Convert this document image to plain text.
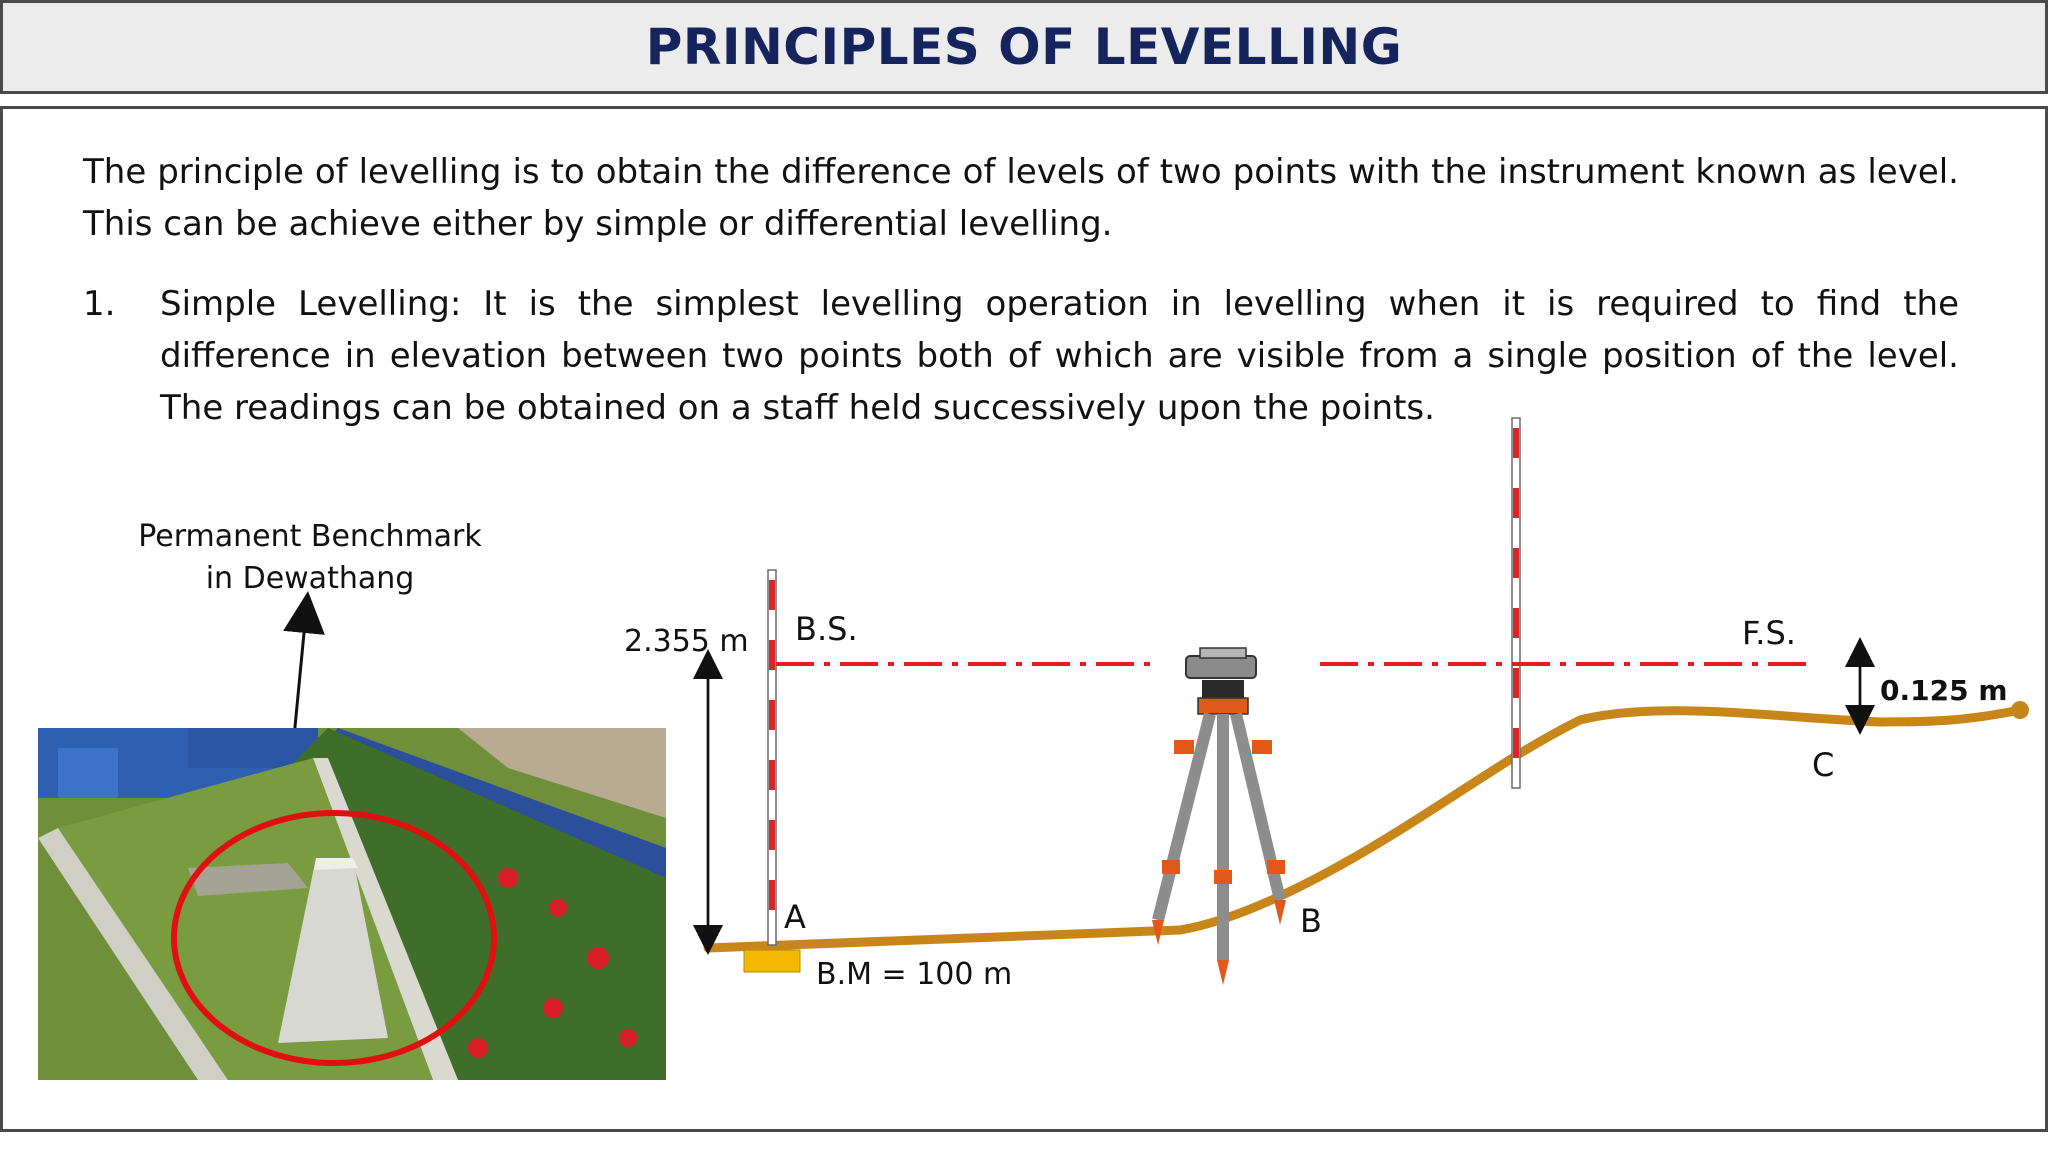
PRINCIPLES OF LEVELLING

The principle of levelling is to obtain the difference of levels of two points with the instrument known as level. This can be achieve either by simple or differential levelling.

1. Simple Levelling: It is the simplest levelling operation in levelling when it is required to find the difference in elevation between two points both of which are visible from a single position of the level. The readings can be obtained on a staff held successively upon the points.

Permanent Benchmark
in Dewathang
2.355 m B.S.	F.S.
0.125 m
A	B
C
B.M = 100 m
